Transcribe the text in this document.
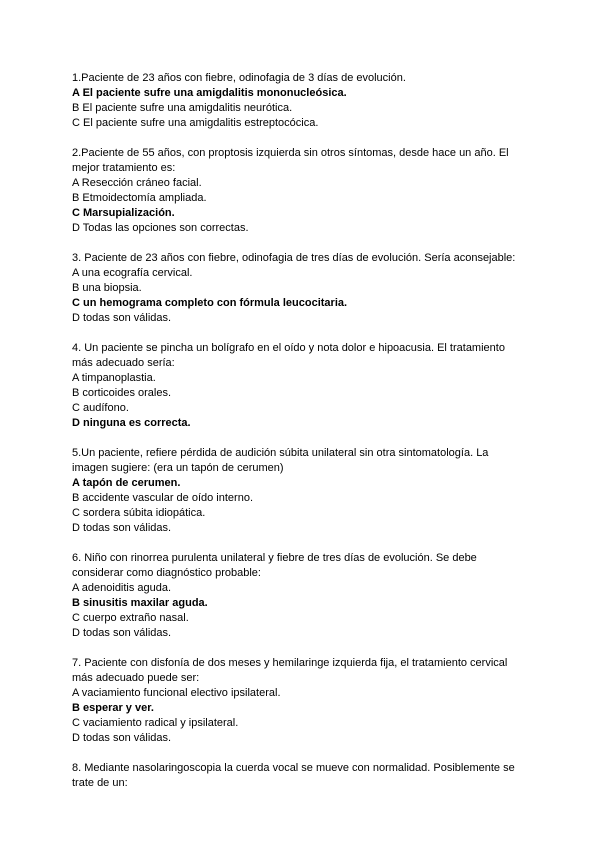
1.Paciente de 23 años con fiebre, odinofagia de 3 días de evolución.
A El paciente sufre una amigdalitis mononucleósica.
B El paciente sufre una amigdalitis neurótica.
C El paciente sufre una amigdalitis estreptocócica.
2.Paciente de 55 años, con proptosis izquierda sin otros síntomas, desde hace un año. El
mejor tratamiento es:
A Resección cráneo facial.
B Etmoidectomía ampliada.
C Marsupialización.
D Todas las opciones son correctas.
3. Paciente de 23 años con fiebre, odinofagia de tres días de evolución. Sería aconsejable:
A una ecografía cervical.
B una biopsia.
C un hemograma completo con fórmula leucocitaria.
D todas son válidas.
4. Un paciente se pincha un bolígrafo en el oído y nota dolor e hipoacusia. El tratamiento
más adecuado sería:
A timpanoplastia.
B corticoides orales.
C audífono.
D ninguna es correcta.
5.Un paciente, refiere pérdida de audición súbita unilateral sin otra sintomatología. La
imagen sugiere: (era un tapón de cerumen)
A tapón de cerumen.
B accidente vascular de oído interno.
C sordera súbita idiopática.
D todas son válidas.
6. Niño con rinorrea purulenta unilateral y fiebre de tres días de evolución. Se debe
considerar como diagnóstico probable:
A adenoiditis aguda.
B sinusitis maxilar aguda.
C cuerpo extraño nasal.
D todas son válidas.
7. Paciente con disfonía de dos meses y hemilaringe izquierda fija, el tratamiento cervical
más adecuado puede ser:
A vaciamiento funcional electivo ipsilateral.
B esperar y ver.
C vaciamiento radical y ipsilateral.
D todas son válidas.
8. Mediante nasolaringoscopia la cuerda vocal se mueve con normalidad. Posiblemente se
trate de un:
